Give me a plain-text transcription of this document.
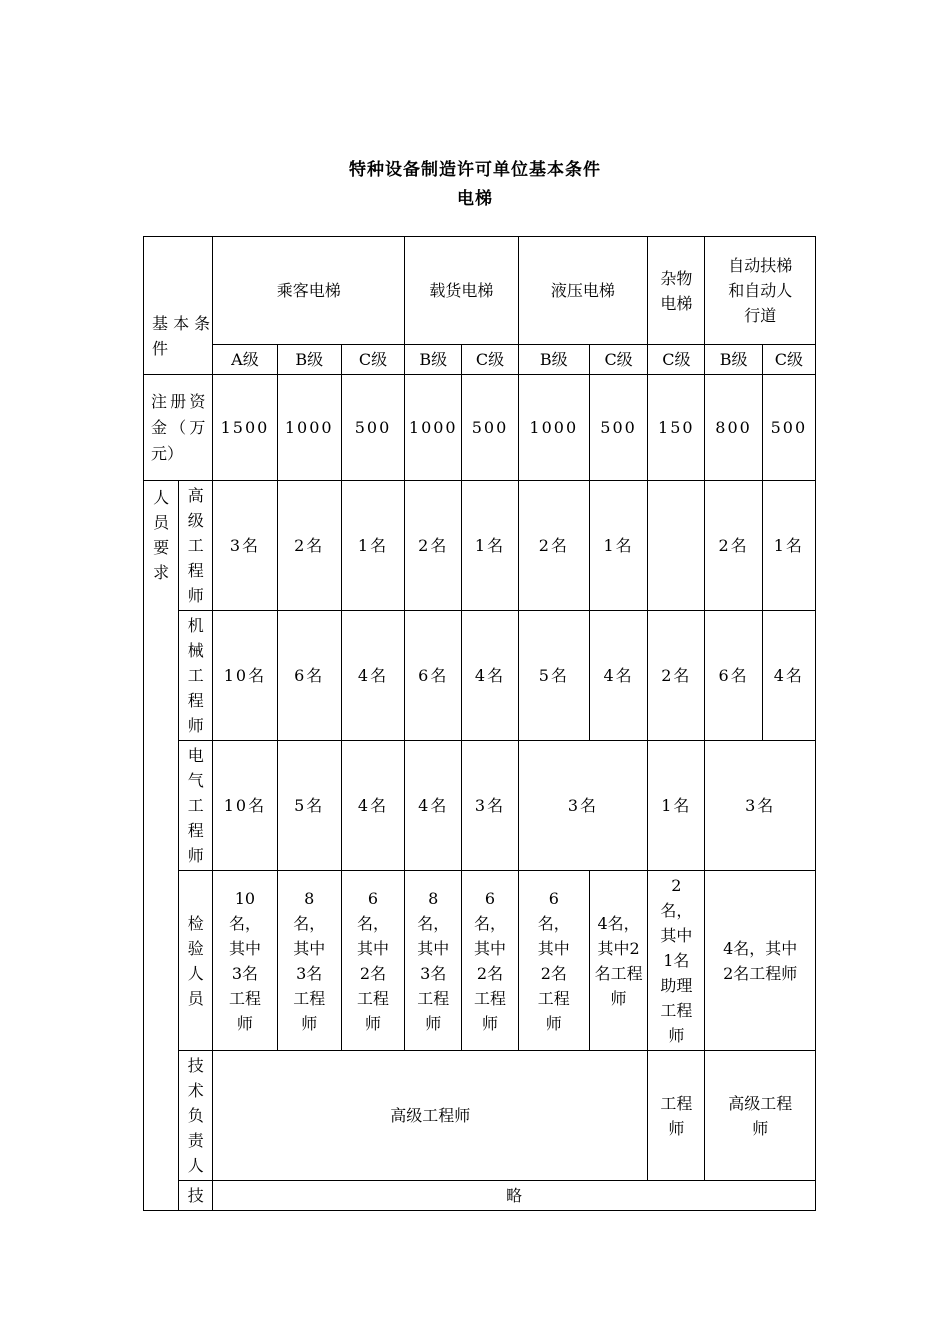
特种设备制造许可单位基本条件
电梯
基 本 条 件		乘客电梯			载货电梯		液压电梯		杂物电梯	自动扶梯和自动人行道	

		A级	B级	C级	B级	C级	B级	C级	C级	B级	C级

注册资金（万元）		1500	1000	500	1000	500	1000	500	150	800	500

人员要求	高级工程师	3名	2名	1名	2名	1名	2名	1名		2名	1名

	机械工程师	10名	6名	4名	6名	4名	5名	4名	2名	6名	4名

	电气工程师	10名	5名	4名	4名	3名	3名		1名	3名	

	检验人员	10名，其中3名工程师	8名，其中3名工程师	6名，其中2名工程师	8名，其中3名工程师	6名，其中2名工程师	6名，其中2名工程师	4名，其中2名工程师	2名，其中1名助理工程师	4名，其中2名工程师	

	技术负责人	高级工程师							工程师	高级工程师	

	技	略									
